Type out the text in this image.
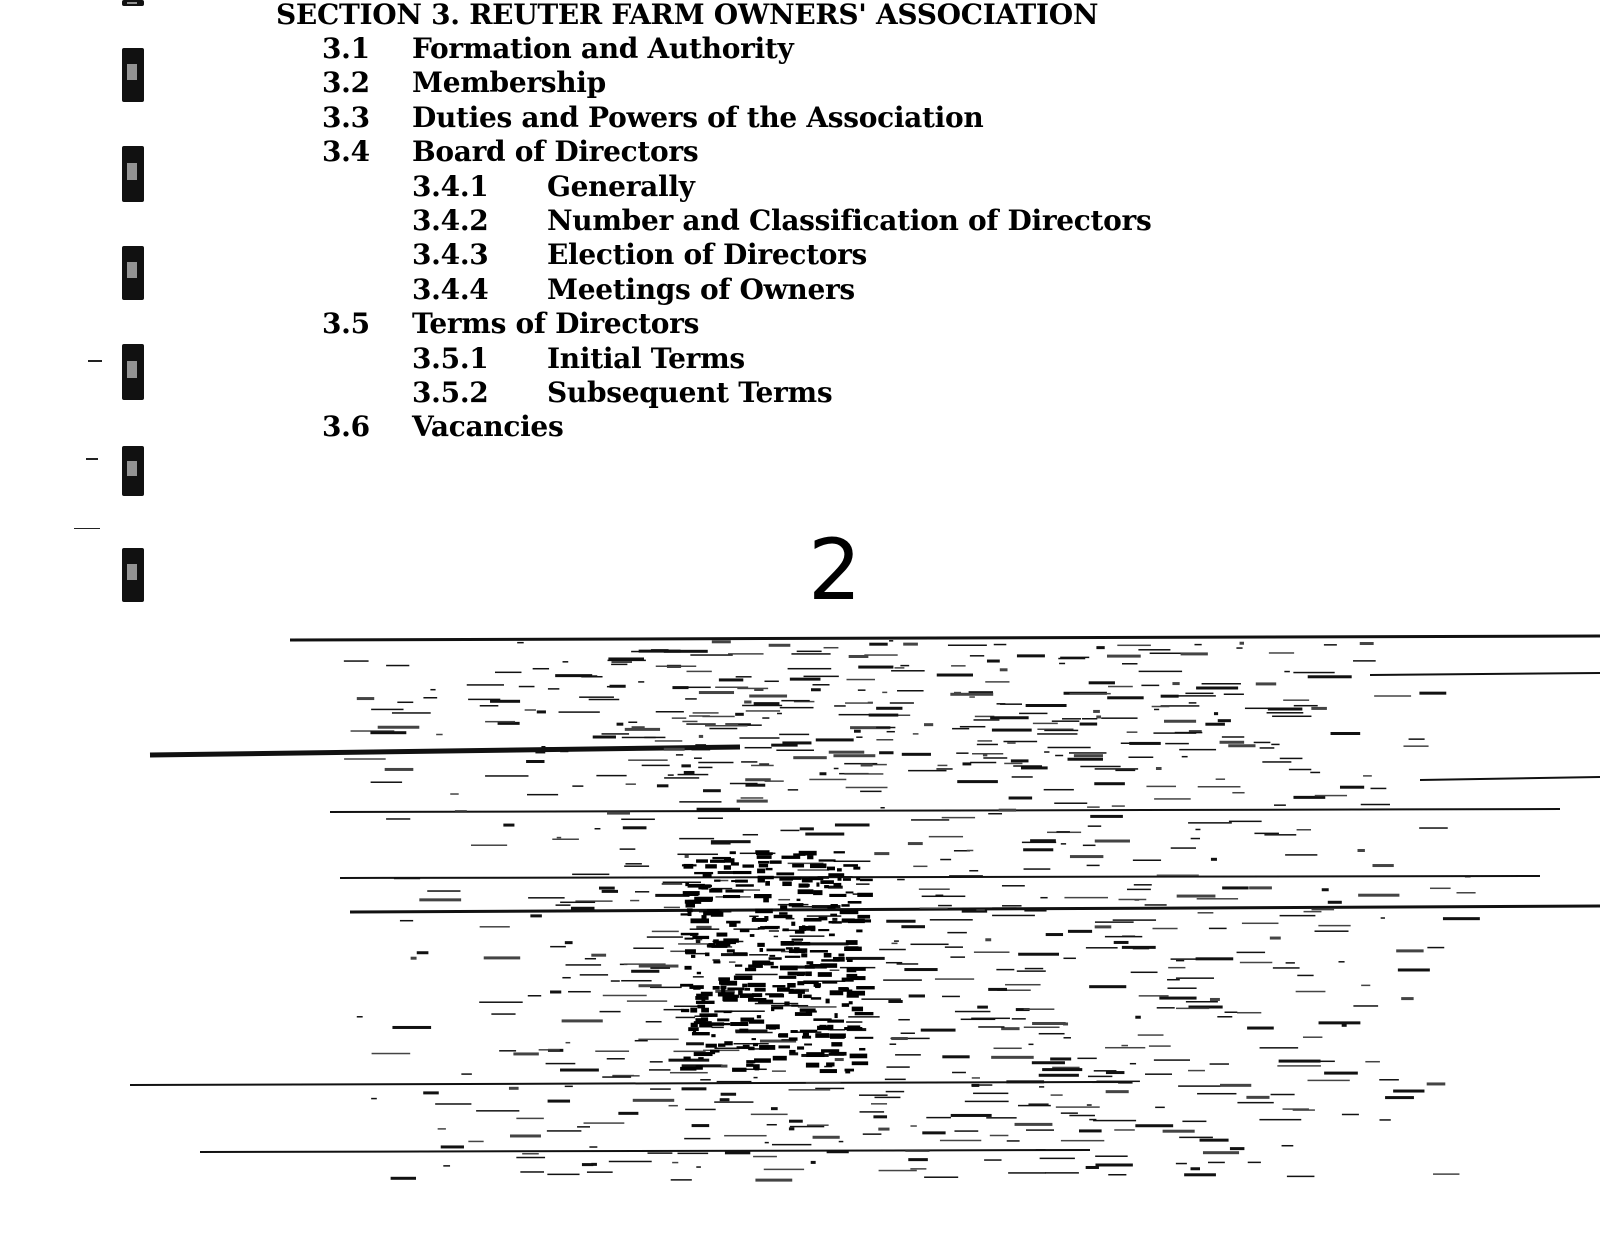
SECTION 3. REUTER FARM OWNERS' ASSOCIATION
3.1 Formation and Authority
3.2 Membership
3.3 Duties and Powers of the Association
3.4 Board of Directors
3.4.1 Generally
3.4.2 Number and Classification of Directors
3.4.3 Election of Directors
3.4.4 Meetings of Owners
3.5 Terms of Directors
3.5.1 Initial Terms
3.5.2 Subsequent Terms
3.6 Vacancies
2
